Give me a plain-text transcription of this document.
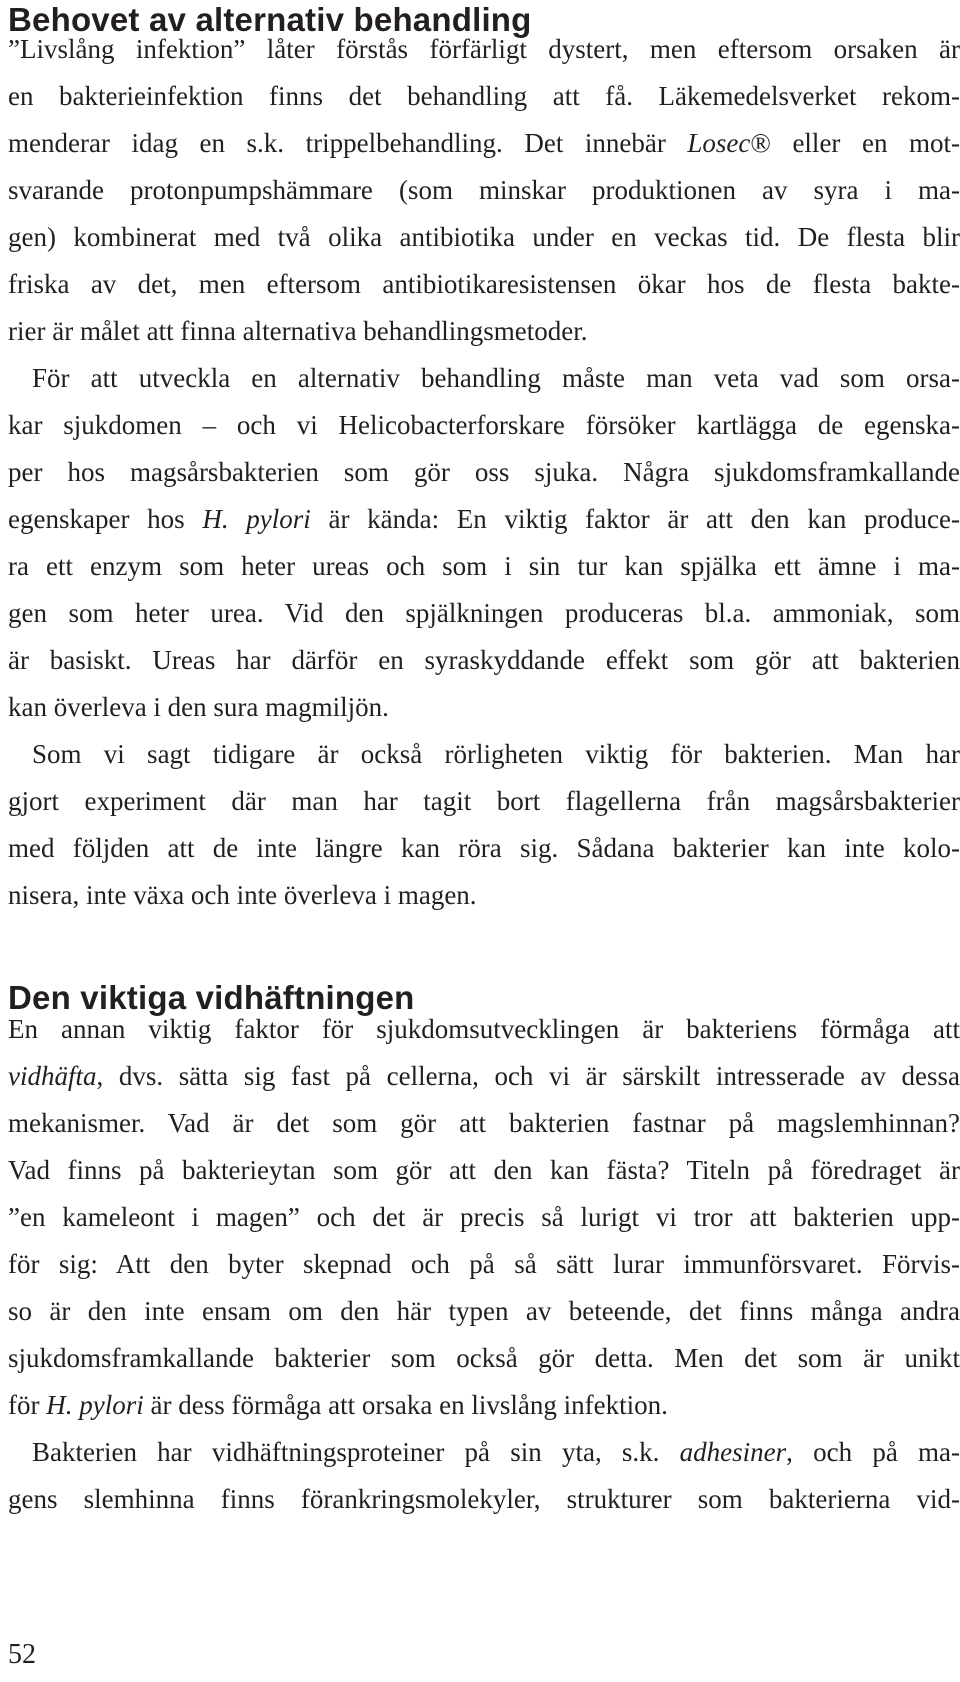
Behovet av alternativ behandling
”Livslång infektion” låter förstås förfärligt dystert, men eftersom orsaken är
en bakterieinfektion finns det behandling att få. Läkemedelsverket rekom-
menderar idag en s.k. trippelbehandling. Det innebär Losec® eller en mot-
svarande protonpumpshämmare (som minskar produktionen av syra i ma-
gen) kombinerat med två olika antibiotika under en veckas tid. De flesta blir
friska av det, men eftersom antibiotikaresistensen ökar hos de flesta bakte-
rier är målet att finna alternativa behandlingsmetoder.
För att utveckla en alternativ behandling måste man veta vad som orsa-
kar sjukdomen – och vi Helicobacterforskare försöker kartlägga de egenska-
per hos magsårsbakterien som gör oss sjuka. Några sjukdomsframkallande
egenskaper hos H. pylori är kända: En viktig faktor är att den kan produce-
ra ett enzym som heter ureas och som i sin tur kan spjälka ett ämne i ma-
gen som heter urea. Vid den spjälkningen produceras bl.a. ammoniak, som
är basiskt. Ureas har därför en syraskyddande effekt som gör att bakterien
kan överleva i den sura magmiljön.
Som vi sagt tidigare är också rörligheten viktig för bakterien. Man har
gjort experiment där man har tagit bort flagellerna från magsårsbakterier
med följden att de inte längre kan röra sig. Sådana bakterier kan inte kolo-
nisera, inte växa och inte överleva i magen.
Den viktiga vidhäftningen
En annan viktig faktor för sjukdomsutvecklingen är bakteriens förmåga att
vidhäfta, dvs. sätta sig fast på cellerna, och vi är särskilt intresserade av dessa
mekanismer. Vad är det som gör att bakterien fastnar på magslemhinnan?
Vad finns på bakterieytan som gör att den kan fästa? Titeln på föredraget är
”en kameleont i magen” och det är precis så lurigt vi tror att bakterien upp-
för sig: Att den byter skepnad och på så sätt lurar immunförsvaret. Förvis-
so är den inte ensam om den här typen av beteende, det finns många andra
sjukdomsframkallande bakterier som också gör detta. Men det som är unikt
för H. pylori är dess förmåga att orsaka en livslång infektion.
Bakterien har vidhäftningsproteiner på sin yta, s.k. adhesiner, och på ma-
gens slemhinna finns förankringsmolekyler, strukturer som bakterierna vid-
52
